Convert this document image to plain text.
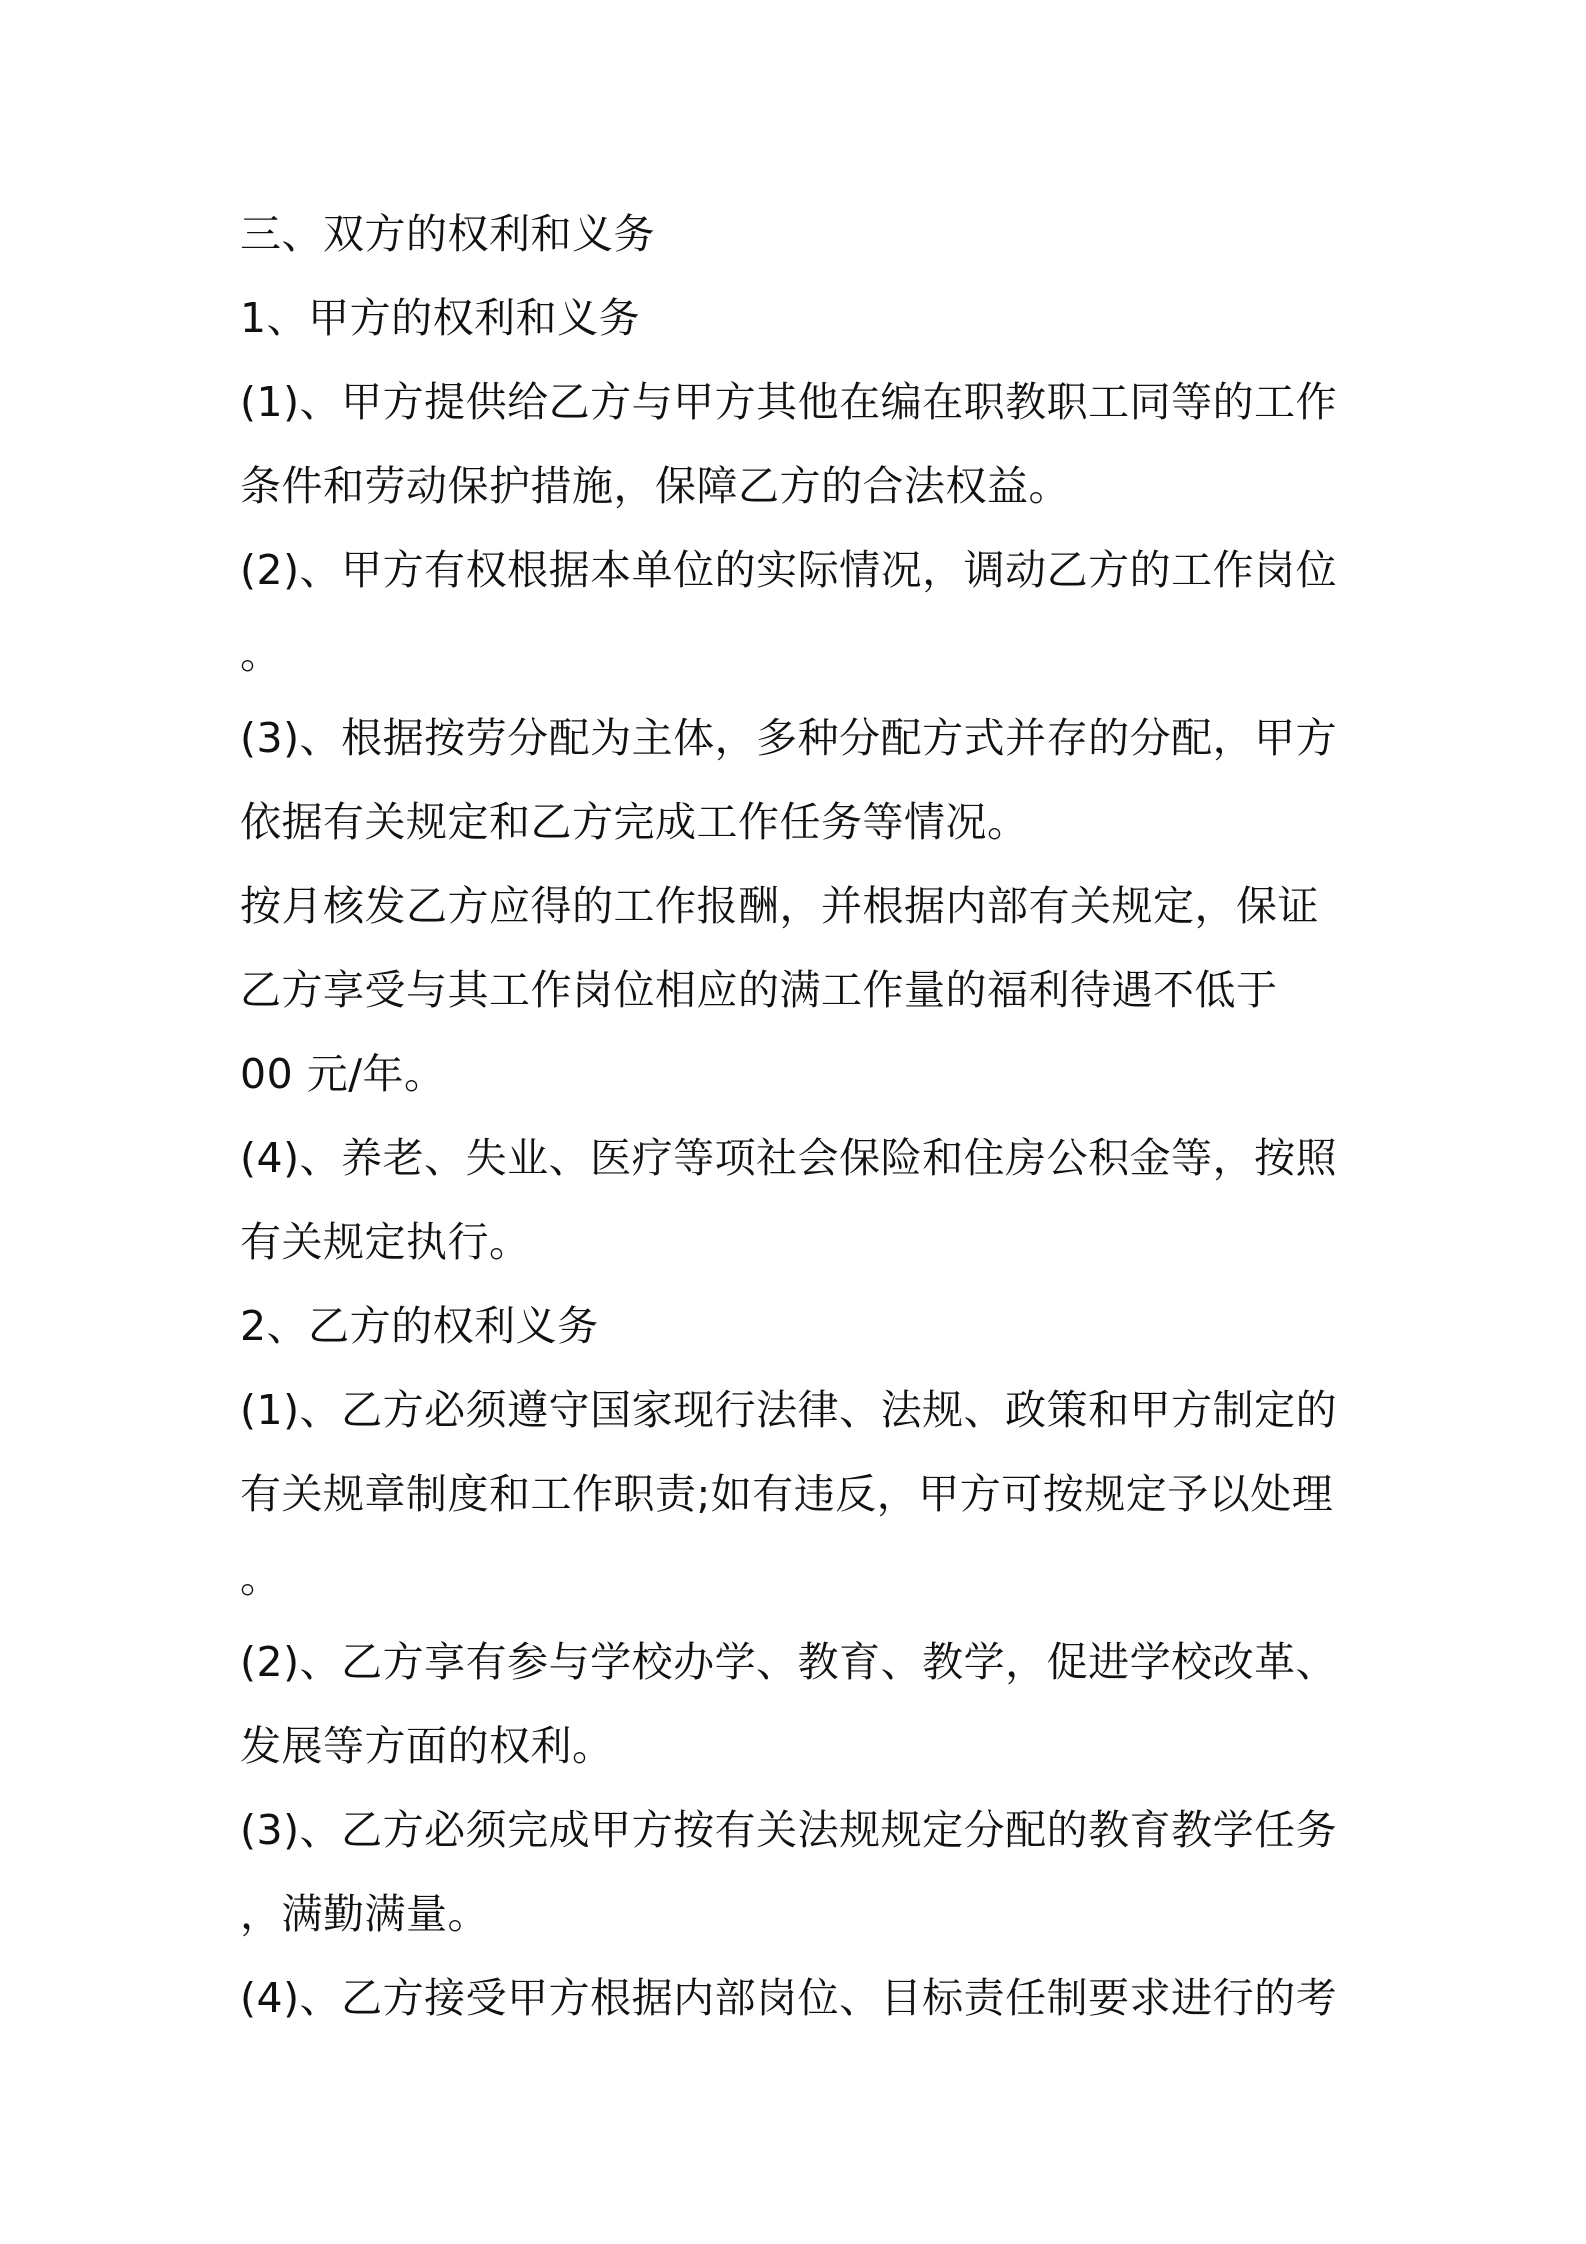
三、双方的权利和义务
1、甲方的权利和义务
(1)、甲方提供给乙方与甲方其他在编在职教职工同等的工作
条件和劳动保护措施，保障乙方的合法权益。
(2)、甲方有权根据本单位的实际情况，调动乙方的工作岗位
。
(3)、根据按劳分配为主体，多种分配方式并存的分配，甲方
依据有关规定和乙方完成工作任务等情况。
按月核发乙方应得的工作报酬，并根据内部有关规定，保证
乙方享受与其工作岗位相应的满工作量的福利待遇不低于
00 元/年。
(4)、养老、失业、医疗等项社会保险和住房公积金等，按照
有关规定执行。
2、乙方的权利义务
(1)、乙方必须遵守国家现行法律、法规、政策和甲方制定的
有关规章制度和工作职责;如有违反，甲方可按规定予以处理
。
(2)、乙方享有参与学校办学、教育、教学，促进学校改革、
发展等方面的权利。
(3)、乙方必须完成甲方按有关法规规定分配的教育教学任务
，满勤满量。
(4)、乙方接受甲方根据内部岗位、目标责任制要求进行的考
